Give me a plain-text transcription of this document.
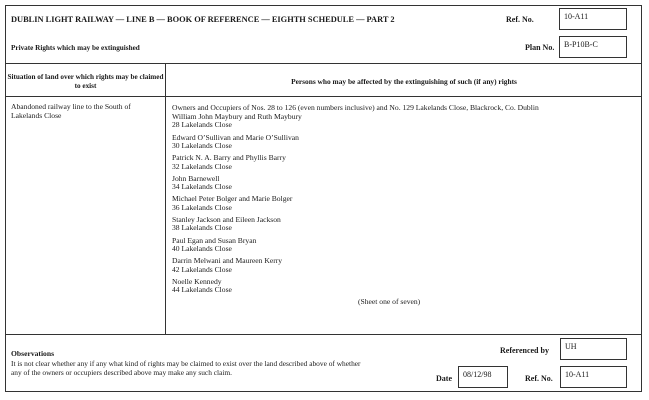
DUBLIN LIGHT RAILWAY — LINE B — BOOK OF REFERENCE — EIGHTH SCHEDULE — PART 2	Ref. No.	10-A11
Private Rights which may be extinguished	Plan No.	B-P10B-C
Situation of land over which rights may be claimed to exist	Persons who may be affected by the extinguishing of such (if any) rights
Abandoned railway line to the South of Lakelands Close
Owners and Occupiers of Nos. 28 to 126 (even numbers inclusive) and No. 129 Lakelands Close, Blackrock, Co. Dublin
William John Maybury and Ruth Maybury
28 Lakelands Close
Edward O’Sullivan and Marie O’Sullivan
30 Lakelands Close
Patrick N. A. Barry and Phyllis Barry
32 Lakelands Close
John Barnewell
34 Lakelands Close
Michael Peter Bolger and Marie Bolger
36 Lakelands Close
Stanley Jackson and Eileen Jackson
38 Lakelands Close
Paul Egan and Susan Bryan
40 Lakelands Close
Darrin Melwani and Maureen Kerry
42 Lakelands Close
Noelle Kennedy
44 Lakelands Close
(Sheet one of seven)
Observations
It is not clear whether any if any what kind of rights may be claimed to exist over the land described above of whether
any of the owners or occupiers described above may make any such claim.
Referenced by	UH
Date	08/12/98	Ref. No.	10-A11
